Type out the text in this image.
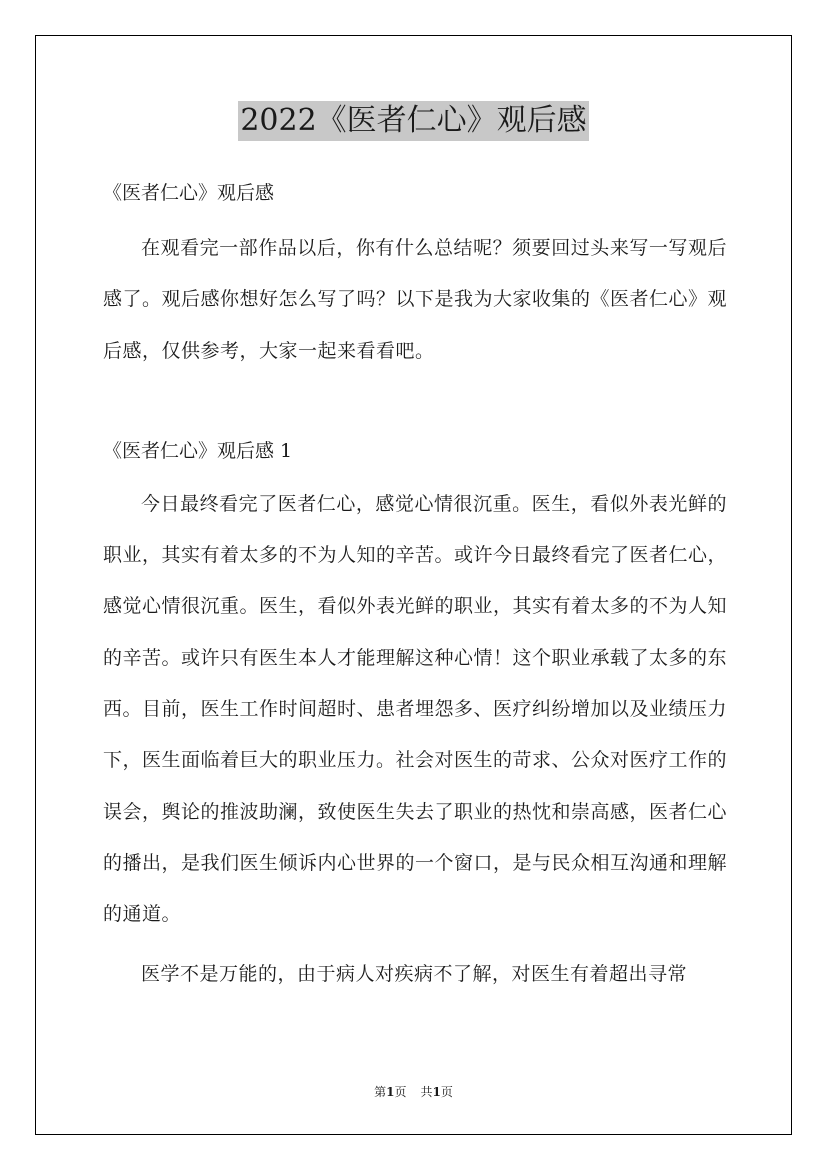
2022《医者仁心》观后感

《医者仁心》观后感

在观看完一部作品以后，你有什么总结呢？须要回过头来写一写观后感了。观后感你想好怎么写了吗？以下是我为大家收集的《医者仁心》观后感，仅供参考，大家一起来看看吧。

《医者仁心》观后感 1

今日最终看完了医者仁心，感觉心情很沉重。医生，看似外表光鲜的职业，其实有着太多的不为人知的辛苦。或许今日最终看完了医者仁心，感觉心情很沉重。医生，看似外表光鲜的职业，其实有着太多的不为人知的辛苦。或许只有医生本人才能理解这种心情！这个职业承载了太多的东西。目前，医生工作时间超时、患者埋怨多、医疗纠纷增加以及业绩压力下，医生面临着巨大的职业压力。社会对医生的苛求、公众对医疗工作的误会，舆论的推波助澜，致使医生失去了职业的热忱和崇高感，医者仁心的播出，是我们医生倾诉内心世界的一个窗口，是与民众相互沟通和理解的通道。

医学不是万能的，由于病人对疾病不了解，对医生有着超出寻常

第1页 共1页
